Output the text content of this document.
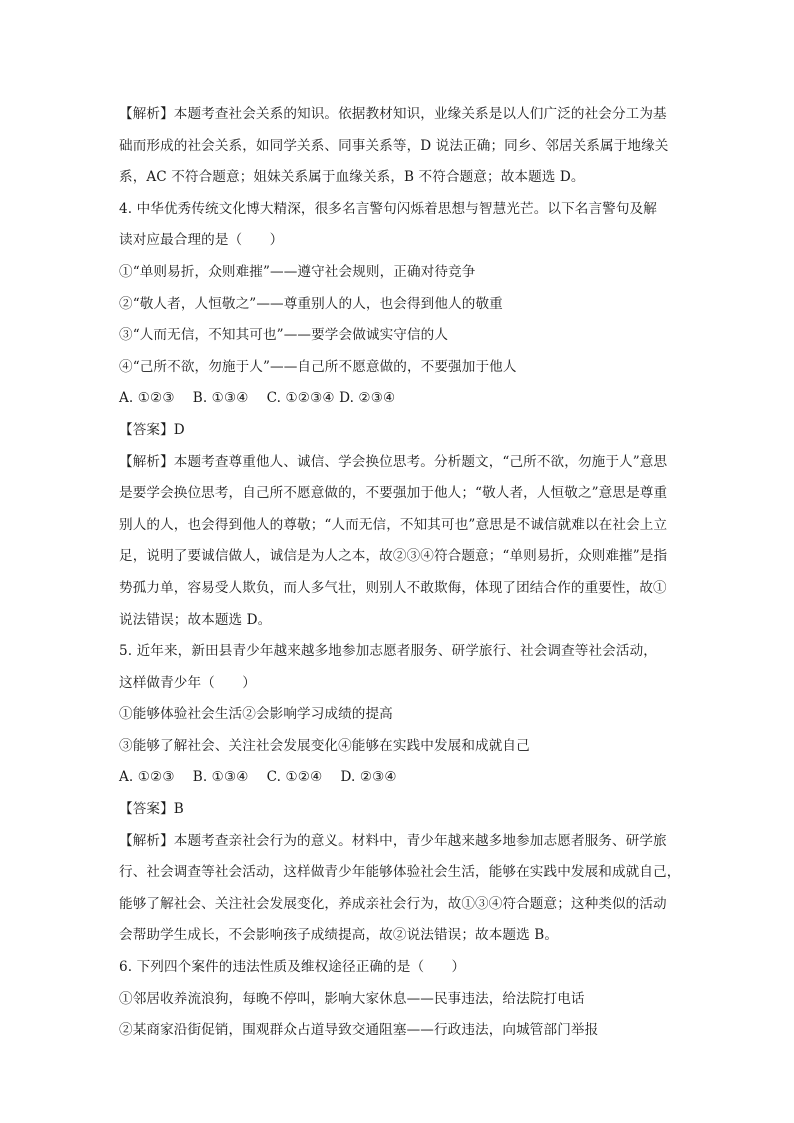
【解析】本题考查社会关系的知识。依据教材知识，业缘关系是以人们广泛的社会分工为基
础而形成的社会关系，如同学关系、同事关系等，D 说法正确；同乡、邻居关系属于地缘关
系，AC 不符合题意；姐妹关系属于血缘关系，B 不符合题意；故本题选 D。
4. 中华优秀传统文化博大精深，很多名言警句闪烁着思想与智慧光芒。以下名言警句及解
读对应最合理的是（　　）
①“单则易折，众则难摧”——遵守社会规则，正确对待竞争
②“敬人者，人恒敬之”——尊重别人的人，也会得到他人的敬重
③“人而无信，不知其可也”——要学会做诚实守信的人
④“己所不欲，勿施于人”——自己所不愿意做的，不要强加于他人
A. ①②③　 B. ①③④　 C. ①②③④ D. ②③④
【答案】D
【解析】本题考查尊重他人、诚信、学会换位思考。分析题文，“己所不欲，勿施于人”意思
是要学会换位思考，自己所不愿意做的，不要强加于他人；“敬人者，人恒敬之”意思是尊重
别人的人，也会得到他人的尊敬；“人而无信，不知其可也”意思是不诚信就难以在社会上立
足，说明了要诚信做人，诚信是为人之本，故②③④符合题意；“单则易折，众则难摧”是指
势孤力单，容易受人欺负，而人多气壮，则别人不敢欺侮，体现了团结合作的重要性，故①
说法错误；故本题选 D。
5. 近年来，新田县青少年越来越多地参加志愿者服务、研学旅行、社会调查等社会活动，
这样做青少年（　　）
①能够体验社会生活②会影响学习成绩的提高
③能够了解社会、关注社会发展变化④能够在实践中发展和成就自己
A. ①②③　 B. ①③④　 C. ①②④　 D. ②③④
【答案】B
【解析】本题考查亲社会行为的意义。材料中，青少年越来越多地参加志愿者服务、研学旅
行、社会调查等社会活动，这样做青少年能够体验社会生活，能够在实践中发展和成就自己，
能够了解社会、关注社会发展变化，养成亲社会行为，故①③④符合题意；这种类似的活动
会帮助学生成长，不会影响孩子成绩提高，故②说法错误；故本题选 B。
6. 下列四个案件的违法性质及维权途径正确的是（　　）
①邻居收养流浪狗，每晚不停叫，影响大家休息——民事违法，给法院打电话
②某商家沿街促销，围观群众占道导致交通阻塞——行政违法，向城管部门举报
